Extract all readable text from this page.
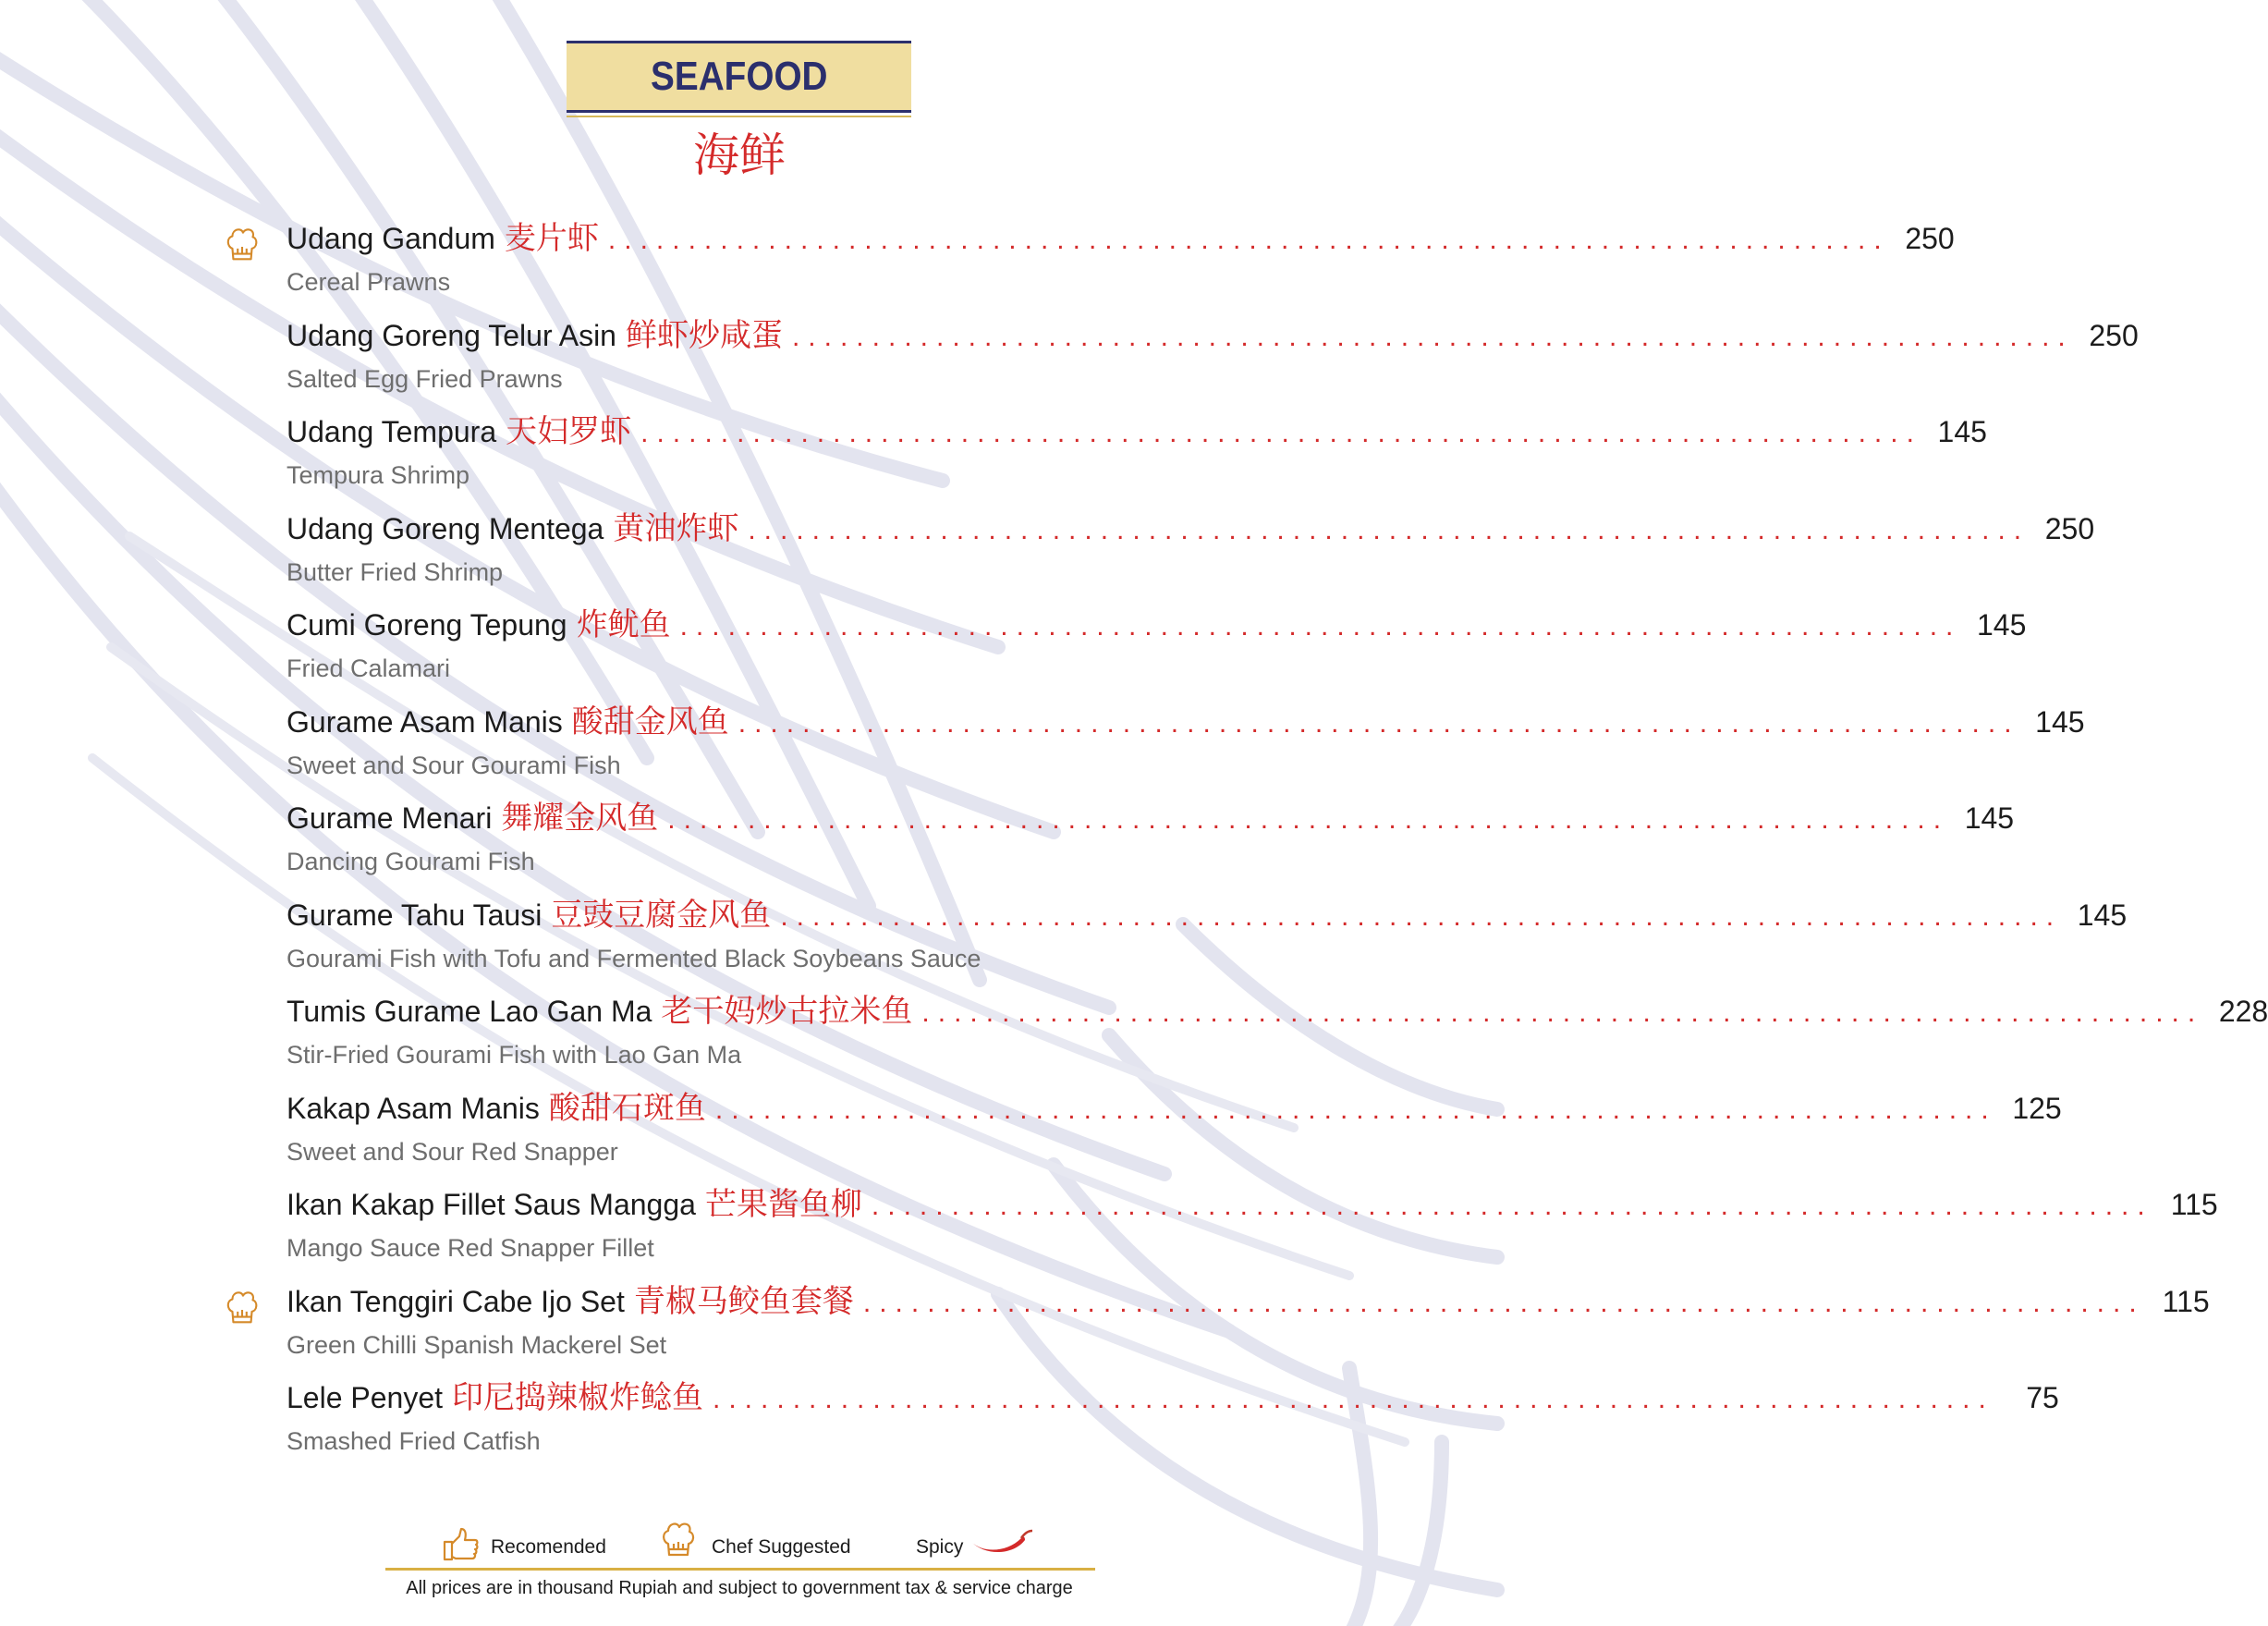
SEAFOOD
海鲜
Udang Gandum 麦片虾 ................................................................................ 250
Cereal Prawns
Udang Goreng Telur Asin 鲜虾炒咸蛋 ................................................................................ 250
Salted Egg Fried Prawns
Udang Tempura 天妇罗虾 ................................................................................ 145
Tempura Shrimp
Udang Goreng Mentega 黄油炸虾 ................................................................................ 250
Butter Fried Shrimp
Cumi Goreng Tepung 炸鱿鱼 ................................................................................ 145
Fried Calamari
Gurame Asam Manis 酸甜金风鱼 ................................................................................ 145
Sweet and Sour Gourami Fish
Gurame Menari 舞耀金风鱼 ................................................................................ 145
Dancing Gourami Fish
Gurame Tahu Tausi 豆豉豆腐金风鱼 ................................................................................ 145
Gourami Fish with Tofu and Fermented Black Soybeans Sauce
Tumis Gurame Lao Gan Ma 老干妈炒古拉米鱼 ................................................................................ 228
Stir-Fried Gourami Fish with Lao Gan Ma
Kakap Asam Manis 酸甜石斑鱼 ................................................................................ 125
Sweet and Sour Red Snapper
Ikan Kakap Fillet Saus Mangga 芒果酱鱼柳 ................................................................................ 115
Mango Sauce Red Snapper Fillet
Ikan Tenggiri Cabe Ijo Set 青椒马鲛鱼套餐 ................................................................................ 115
Green Chilli Spanish Mackerel Set
Lele Penyet 印尼捣辣椒炸鲶鱼 ................................................................................	75
Smashed Fried Catfish
Recomended	Chef Suggested	Spicy
All prices are in thousand Rupiah and subject to government tax & service charge
